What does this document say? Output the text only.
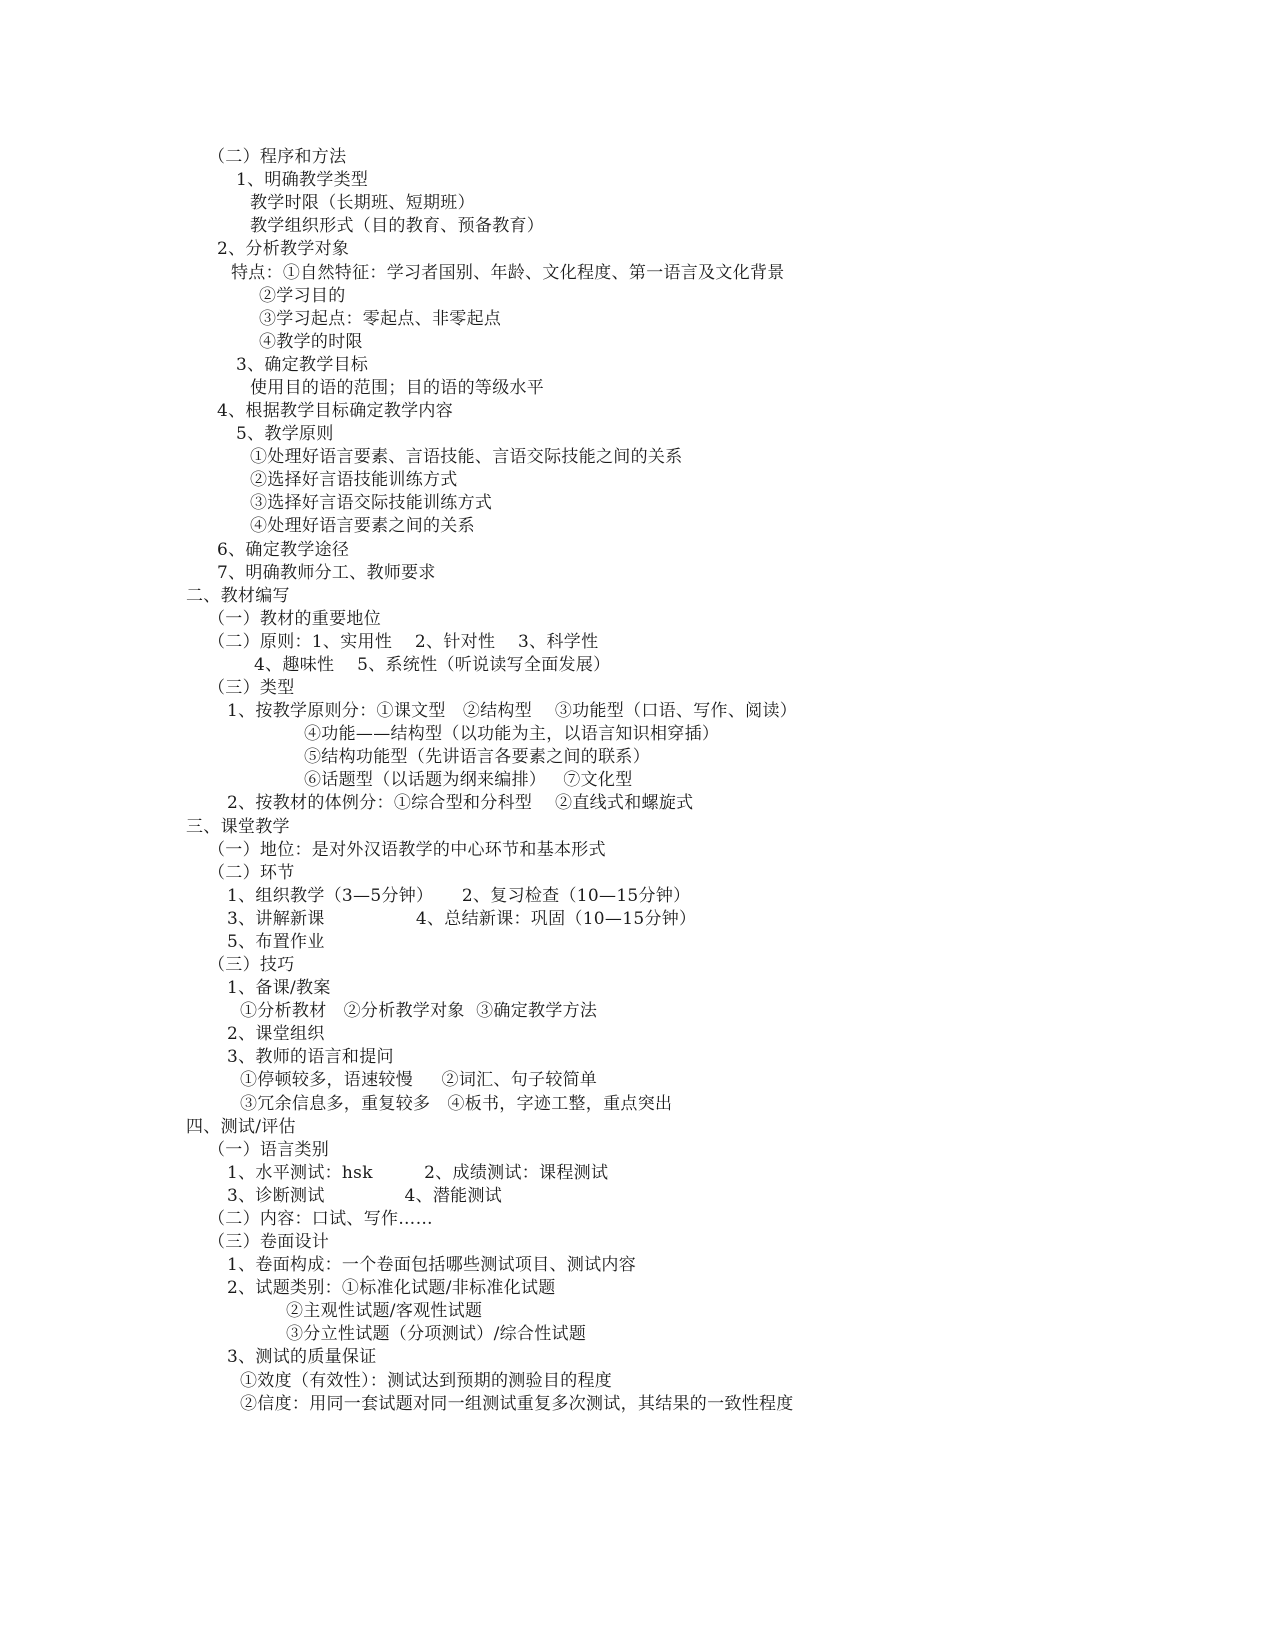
（二）程序和方法
1、明确教学类型
教学时限（长期班、短期班）
教学组织形式（目的教育、预备教育）
2、分析教学对象
特点：①自然特征：学习者国别、年龄、文化程度、第一语言及文化背景
②学习目的
③学习起点：零起点、非零起点
④教学的时限
3、确定教学目标
使用目的语的范围；目的语的等级水平
4、根据教学目标确定教学内容
5、教学原则
①处理好语言要素、言语技能、言语交际技能之间的关系
②选择好言语技能训练方式
③选择好言语交际技能训练方式
④处理好语言要素之间的关系
6、确定教学途径
7、明确教师分工、教师要求
二、教材编写
（一）教材的重要地位
（二）原则：1、实用性    2、针对性    3、科学性
4、趣味性    5、系统性（听说读写全面发展）
（三）类型
1、按教学原则分：①课文型   ②结构型    ③功能型（口语、写作、阅读）
④功能——结构型（以功能为主，以语言知识相穿插）
⑤结构功能型（先讲语言各要素之间的联系）
⑥话题型（以话题为纲来编排）   ⑦文化型
2、按教材的体例分：①综合型和分科型    ②直线式和螺旋式
三、课堂教学
（一）地位：是对外汉语教学的中心环节和基本形式
（二）环节
1、组织教学（3—5分钟）     2、复习检查（10—15分钟）
3、讲解新课                4、总结新课：巩固（10—15分钟）
5、布置作业
（三）技巧
1、备课/教案
①分析教材   ②分析教学对象  ③确定教学方法
2、课堂组织
3、教师的语言和提问
①停顿较多，语速较慢     ②词汇、句子较简单
③冗余信息多，重复较多   ④板书，字迹工整，重点突出
四、测试/评估
（一）语言类别
1、水平测试：hsk         2、成绩测试：课程测试
3、诊断测试              4、潜能测试
（二）内容：口试、写作……
（三）卷面设计
1、卷面构成：一个卷面包括哪些测试项目、测试内容
2、试题类别：①标准化试题/非标准化试题
②主观性试题/客观性试题
③分立性试题（分项测试）/综合性试题
3、测试的质量保证
①效度（有效性）：测试达到预期的测验目的程度
②信度：用同一套试题对同一组测试重复多次测试，其结果的一致性程度
